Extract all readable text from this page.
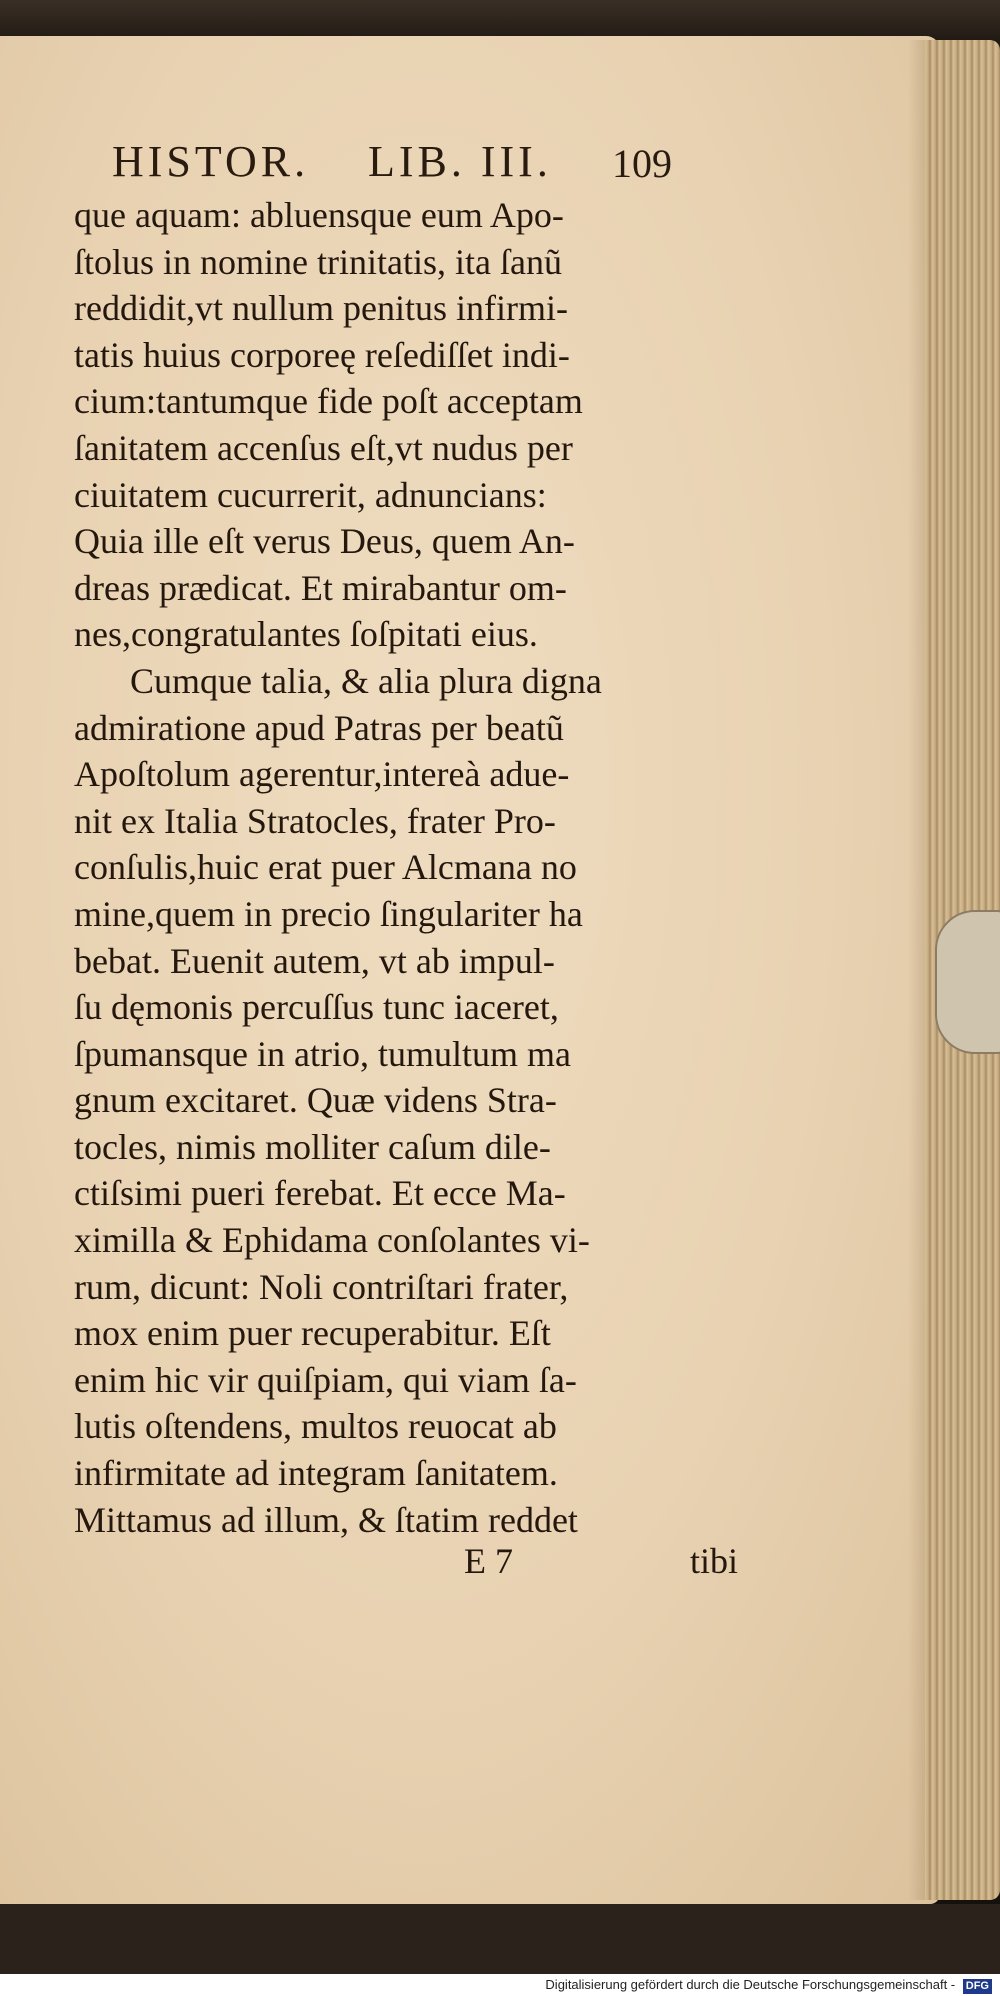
HISTOR. LIB. III. 109
que aquam: abluensque eum Apo-
ſtolus in nomine trinitatis, ita ſanũ
reddidit,vt nullum penitus infirmi-
tatis huius corporeę reſediſſet indi-
cium:tantumque fide poſt acceptam
ſanitatem accenſus eſt,vt nudus per
ciuitatem cucurrerit, adnuncians:
Quia ille eſt verus Deus, quem An-
dreas prædicat. Et mirabantur om-
nes,congratulantes ſoſpitati eius.
Cumque talia, & alia plura digna
admiratione apud Patras per beatũ
Apoſtolum agerentur,intereà adue-
nit ex Italia Stratocles, frater Pro-
conſulis,huic erat puer Alcmana no
mine,quem in precio ſingulariter ha
bebat. Euenit autem, vt ab impul-
ſu dęmonis percuſſus tunc iaceret,
ſpumansque in atrio, tumultum ma
gnum excitaret. Quæ videns Stra-
tocles, nimis molliter caſum dile-
ctiſsimi pueri ferebat. Et ecce Ma-
ximilla & Ephidama conſolantes vi-
rum, dicunt: Noli contriſtari frater,
mox enim puer recuperabitur. Eſt
enim hic vir quiſpiam, qui viam ſa-
lutis oſtendens, multos reuocat ab
infirmitate ad integram ſanitatem.
Mittamus ad illum, & ſtatim reddet
E 7	tibi
Digitalisierung gefördert durch die Deutsche Forschungsgemeinschaft - DFG
